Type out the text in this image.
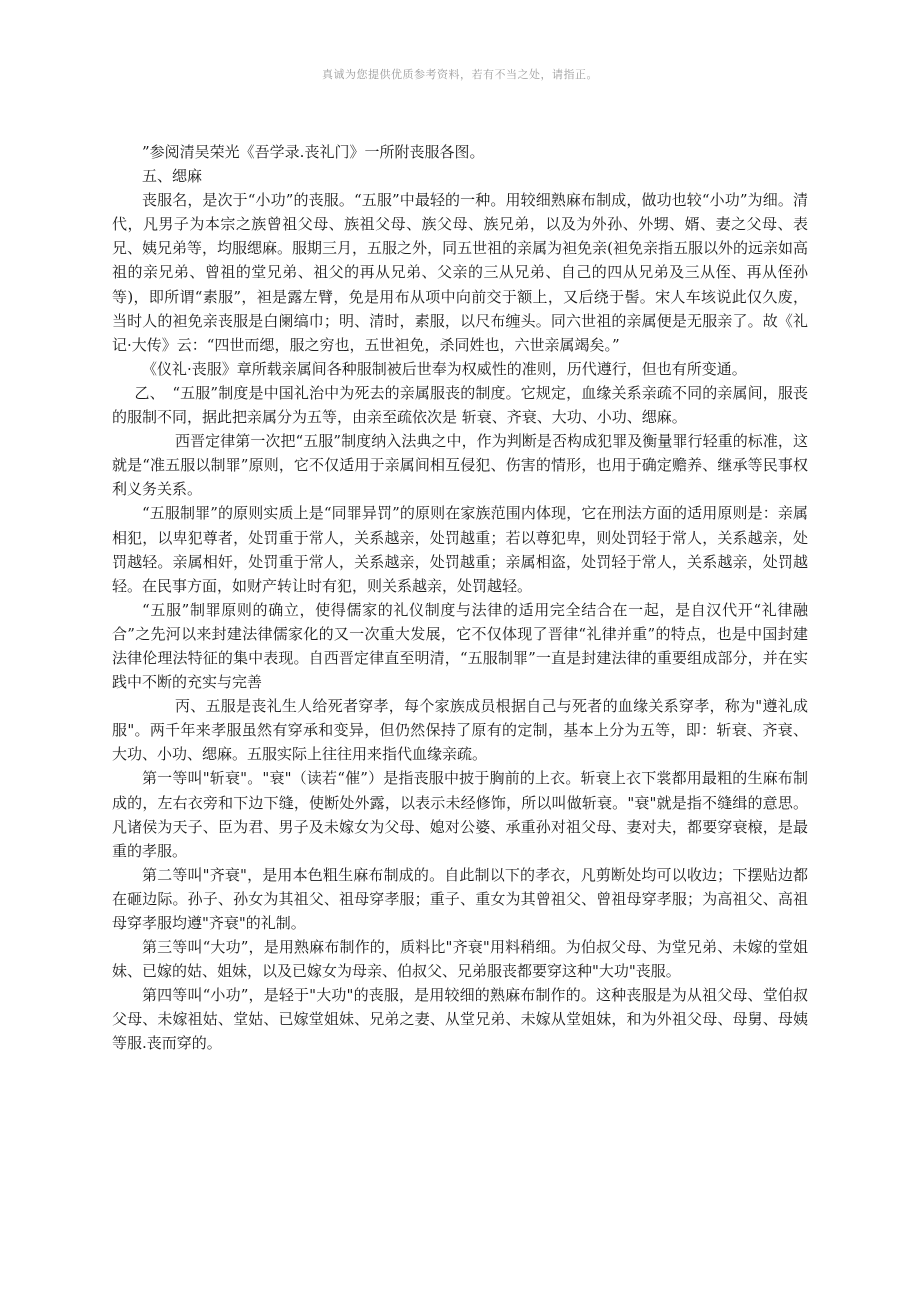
真诚为您提供优质参考资料，若有不当之处，请指正。

”参阅清吴荣光《吾学录.丧礼门》一所附丧服各图。

五、缌麻

丧服名，是次于“小功”的丧服。“五服”中最轻的一种。用较细熟麻布制成，做功也较“小功”为细。清代，凡男子为本宗之族曾祖父母、族祖父母、族父母、族兄弟，以及为外孙、外甥、婿、妻之父母、表兄、姨兄弟等，均服缌麻。服期三月，五服之外，同五世祖的亲属为袒免亲(袒免亲指五服以外的远亲如高祖的亲兄弟、曾祖的堂兄弟、祖父的再从兄弟、父亲的三从兄弟、自己的四从兄弟及三从侄、再从侄孙等)，即所谓“素服”，袒是露左臂，免是用布从项中向前交于额上，又后绕于髻。宋人车垓说此仅久废，当时人的袒免亲丧服是白阑缟巾；明、清时，素服，以尺布缠头。同六世祖的亲属便是无服亲了。故《礼记·大传》云：“四世而缌，服之穷也，五世袒免，杀同姓也，六世亲属竭矣。”

《仪礼·丧服》章所载亲属间各种服制被后世奉为权威性的准则，历代遵行，但也有所变通。

乙、　“五服”制度是中国礼治中为死去的亲属服丧的制度。它规定，血缘关系亲疏不同的亲属间，服丧的服制不同，据此把亲属分为五等，由亲至疏依次是 斩衰、齐衰、大功、小功、缌麻。

西晋定律第一次把“五服”制度纳入法典之中，作为判断是否构成犯罪及衡量罪行轻重的标准，这就是“准五服以制罪”原则，它不仅适用于亲属间相互侵犯、伤害的情形，也用于确定赡养、继承等民事权利义务关系。

“五服制罪”的原则实质上是“同罪异罚”的原则在家族范围内体现，它在刑法方面的适用原则是：亲属相犯，以卑犯尊者，处罚重于常人，关系越亲，处罚越重；若以尊犯卑，则处罚轻于常人，关系越亲，处罚越轻。亲属相奸，处罚重于常人，关系越亲，处罚越重；亲属相盗，处罚轻于常人，关系越亲，处罚越轻。在民事方面，如财产转让时有犯，则关系越亲，处罚越轻。

“五服”制罪原则的确立，使得儒家的礼仪制度与法律的适用完全结合在一起，是自汉代开“礼律融合”之先河以来封建法律儒家化的又一次重大发展，它不仅体现了晋律“礼律并重”的特点，也是中国封建法律伦理法特征的集中表现。自西晋定律直至明清，“五服制罪”一直是封建法律的重要组成部分，并在实践中不断的充实与完善

丙、五服是丧礼生人给死者穿孝，每个家族成员根据自己与死者的血缘关系穿孝，称为"遵礼成服"。两千年来孝服虽然有穿承和变异，但仍然保持了原有的定制，基本上分为五等，即：斩衰、齐衰、大功、小功、缌麻。五服实际上往往用来指代血缘亲疏。

第一等叫"斩衰"。"衰"（读若“催”）是指丧服中披于胸前的上衣。斩衰上衣下裳都用最粗的生麻布制成的，左右衣旁和下边下缝，使断处外露，以表示未经修饰，所以叫做斩衰。"衰"就是指不缝缉的意思。凡诸侯为天子、臣为君、男子及未嫁女为父母、媳对公婆、承重孙对祖父母、妻对夫，都要穿衰榱，是最重的孝服。

第二等叫"齐衰"，是用本色粗生麻布制成的。自此制以下的孝衣，凡剪断处均可以收边；下摆贴边都在砸边际。孙子、孙女为其祖父、祖母穿孝服；重子、重女为其曾祖父、曾祖母穿孝服；为高祖父、高祖母穿孝服均遵"齐衰"的礼制。

第三等叫“大功”，是用熟麻布制作的，质料比"齐衰"用料稍细。为伯叔父母、为堂兄弟、未嫁的堂姐妹、已嫁的姑、姐妹，以及已嫁女为母亲、伯叔父、兄弟服丧都要穿这种"大功"丧服。

第四等叫“小功”，是轻于"大功"的丧服，是用较细的熟麻布制作的。这种丧服是为从祖父母、堂伯叔父母、未嫁祖姑、堂姑、已嫁堂姐妹、兄弟之妻、从堂兄弟、未嫁从堂姐妹，和为外祖父母、母舅、母姨等服.丧而穿的。
